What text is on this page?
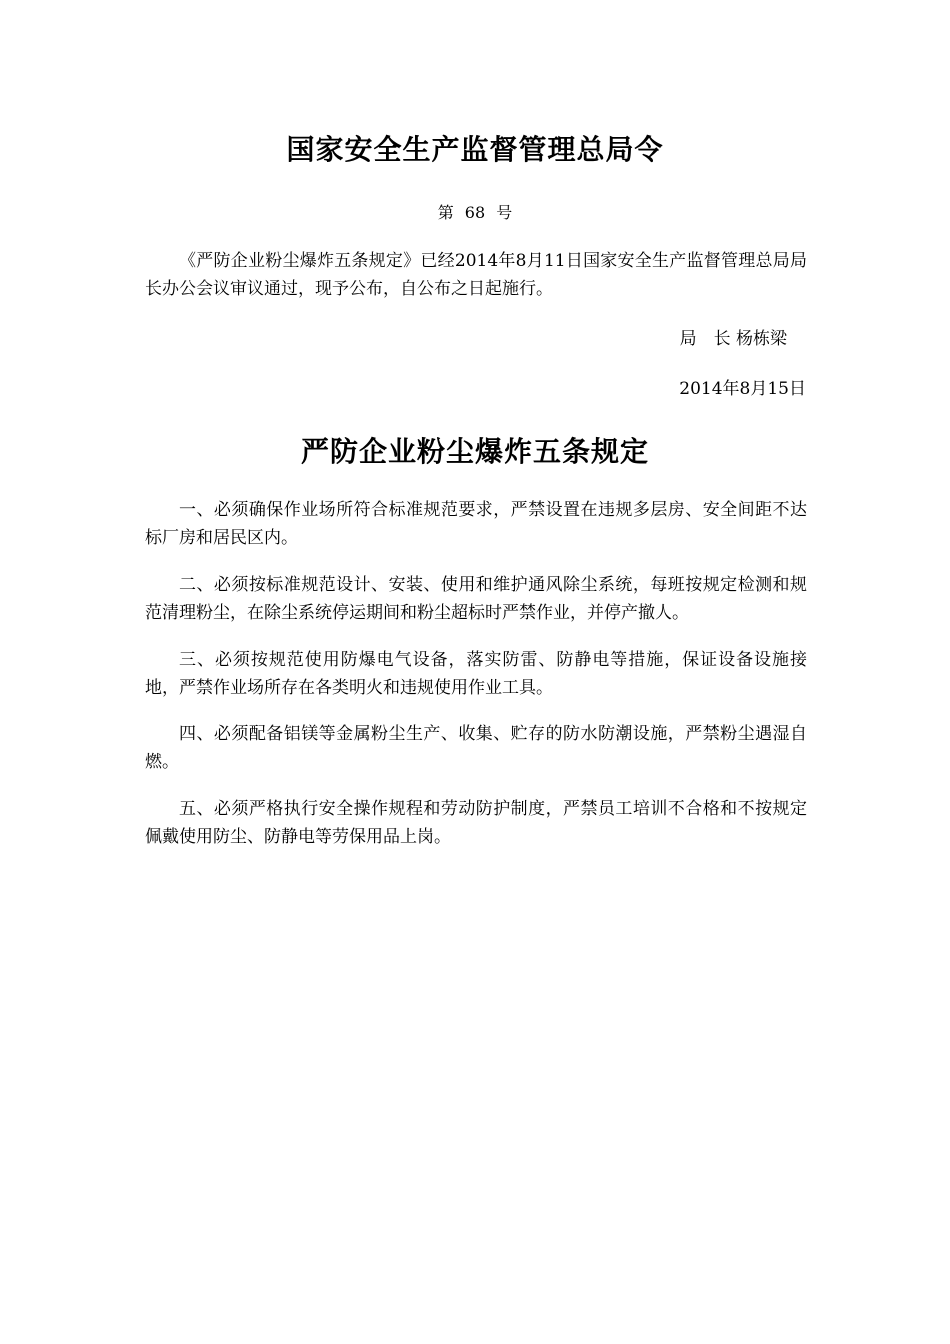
国家安全生产监督管理总局令
第 68 号
《严防企业粉尘爆炸五条规定》已经2014年8月11日国家安全生产监督管理总局局长办公会议审议通过，现予公布，自公布之日起施行。
局　长 杨栋梁
2014年8月15日
严防企业粉尘爆炸五条规定
一、必须确保作业场所符合标准规范要求，严禁设置在违规多层房、安全间距不达标厂房和居民区内。
二、必须按标准规范设计、安装、使用和维护通风除尘系统，每班按规定检测和规范清理粉尘，在除尘系统停运期间和粉尘超标时严禁作业，并停产撤人。
三、必须按规范使用防爆电气设备，落实防雷、防静电等措施，保证设备设施接地，严禁作业场所存在各类明火和违规使用作业工具。
四、必须配备铝镁等金属粉尘生产、收集、贮存的防水防潮设施，严禁粉尘遇湿自燃。
五、必须严格执行安全操作规程和劳动防护制度，严禁员工培训不合格和不按规定佩戴使用防尘、防静电等劳保用品上岗。
